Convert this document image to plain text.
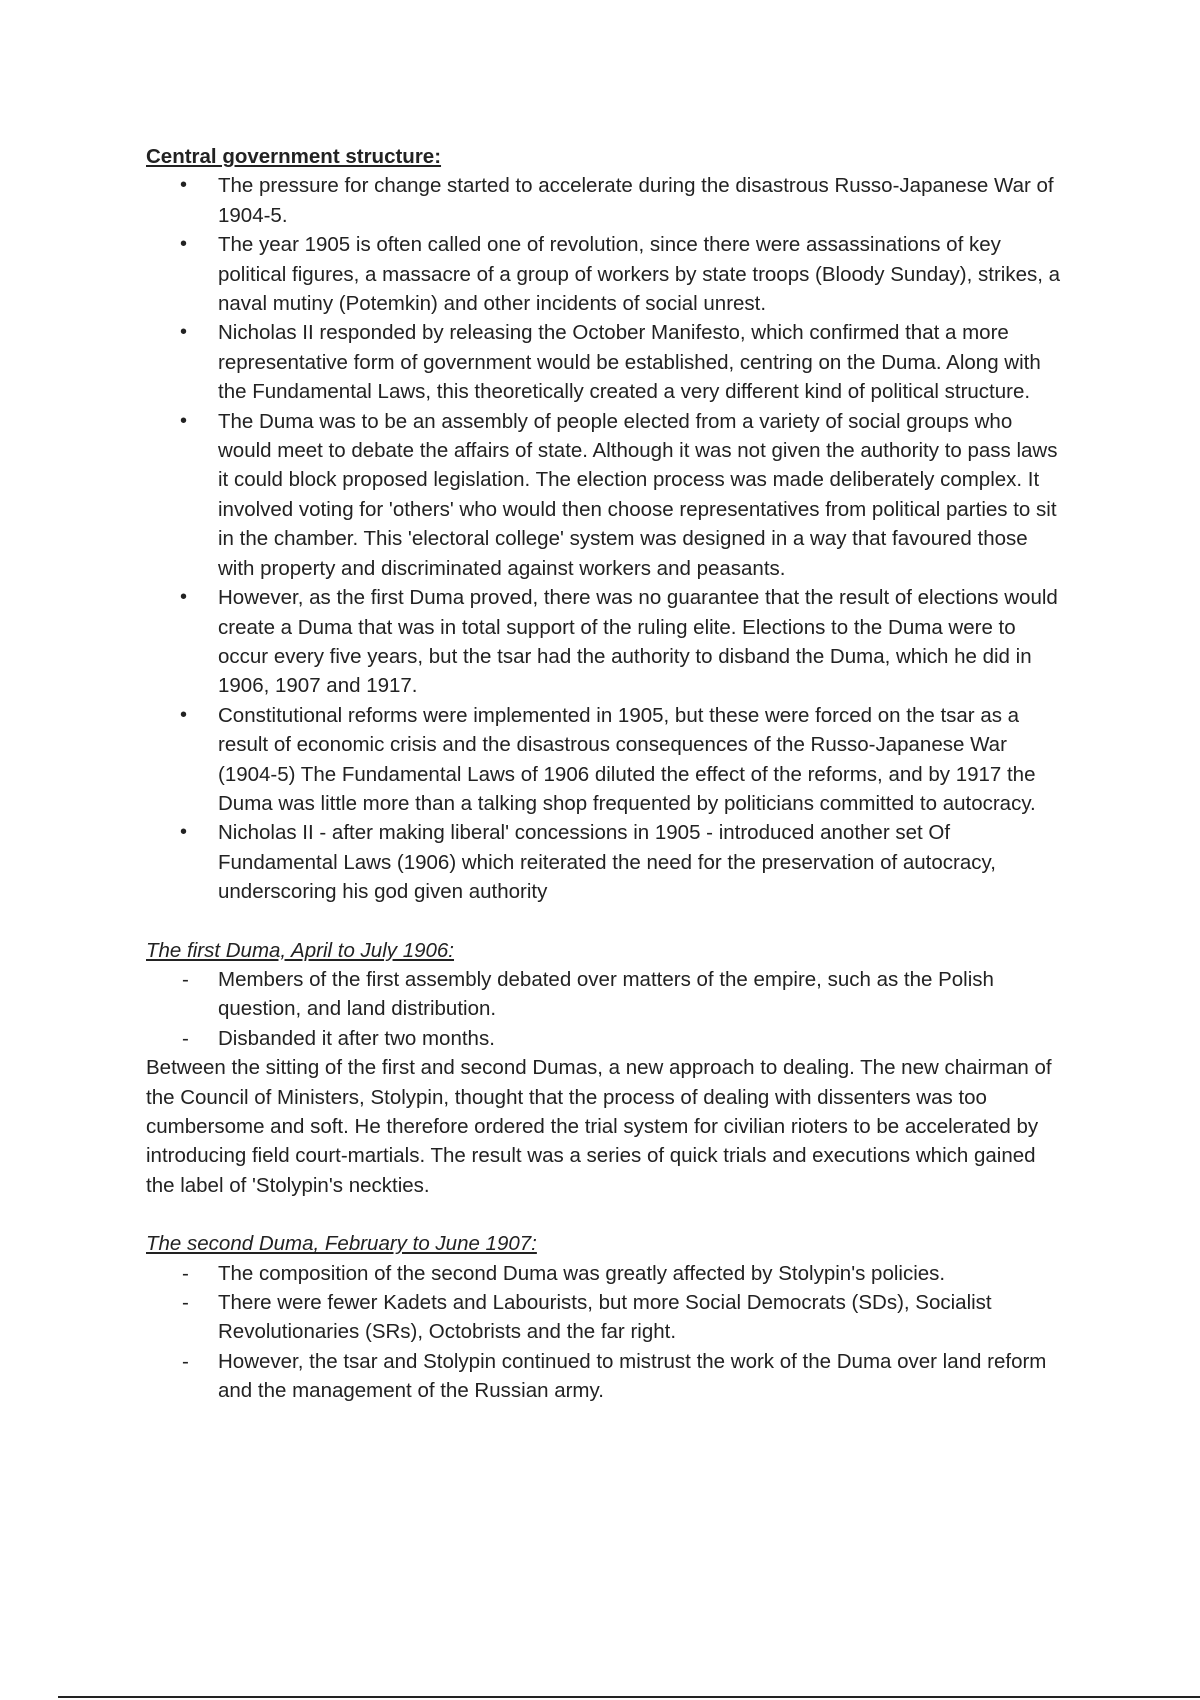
Central government structure:

• The pressure for change started to accelerate during the disastrous Russo-Japanese War of 1904-5.
• The year 1905 is often called one of revolution, since there were assassinations of key political figures, a massacre of a group of workers by state troops (Bloody Sunday), strikes, a naval mutiny (Potemkin) and other incidents of social unrest.
• Nicholas II responded by releasing the October Manifesto, which confirmed that a more representative form of government would be established, centring on the Duma. Along with the Fundamental Laws, this theoretically created a very different kind of political structure.
• The Duma was to be an assembly of people elected from a variety of social groups who would meet to debate the affairs of state. Although it was not given the authority to pass laws it could block proposed legislation. The election process was made deliberately complex. It involved voting for 'others' who would then choose representatives from political parties to sit in the chamber. This 'electoral college' system was designed in a way that favoured those with property and discriminated against workers and peasants.
• However, as the first Duma proved, there was no guarantee that the result of elections would create a Duma that was in total support of the ruling elite. Elections to the Duma were to occur every five years, but the tsar had the authority to disband the Duma, which he did in 1906, 1907 and 1917.
• Constitutional reforms were implemented in 1905, but these were forced on the tsar as a result of economic crisis and the disastrous consequences of the Russo-Japanese War (1904-5) The Fundamental Laws of 1906 diluted the effect of the reforms, and by 1917 the Duma was little more than a talking shop frequented by politicians committed to autocracy.
• Nicholas II - after making liberal' concessions in 1905 - introduced another set Of Fundamental Laws (1906) which reiterated the need for the preservation of autocracy, underscoring his god given authority

The first Duma, April to July 1906:

- Members of the first assembly debated over matters of the empire, such as the Polish question, and land distribution.
- Disbanded it after two months.

Between the sitting of the first and second Dumas, a new approach to dealing. The new chairman of the Council of Ministers, Stolypin, thought that the process of dealing with dissenters was too cumbersome and soft. He therefore ordered the trial system for civilian rioters to be accelerated by introducing field court-martials. The result was a series of quick trials and executions which gained the label of 'Stolypin's neckties.

The second Duma, February to June 1907:

- The composition of the second Duma was greatly affected by Stolypin's policies.
- There were fewer Kadets and Labourists, but more Social Democrats (SDs), Socialist Revolutionaries (SRs), Octobrists and the far right.
- However, the tsar and Stolypin continued to mistrust the work of the Duma over land reform and the management of the Russian army.
